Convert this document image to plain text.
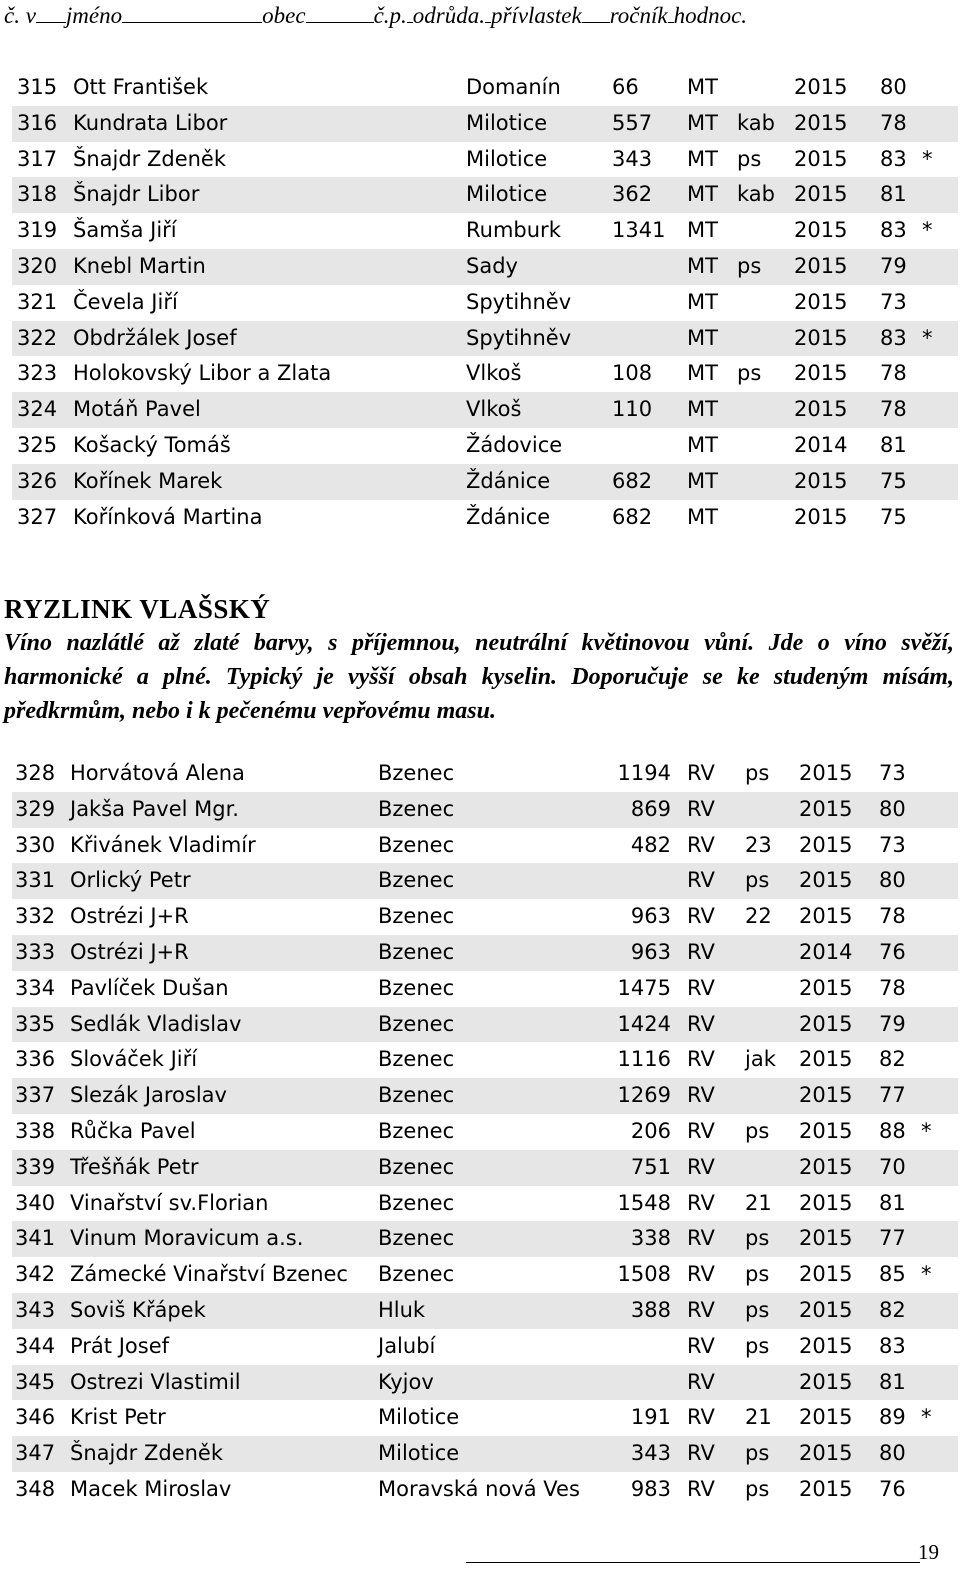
č. v jméno	obec	č.p. odrůda. přívlastek ročník hodnoc.
315 Ott František	Domanín 66 MT	2015 80
316 Kundrata Libor	Milotice	557 MT kab 2015 78
317 Šnajdr Zdeněk	Milotice	343 MT ps 2015 83 *
318 Šnajdr Libor	Milotice	362 MT kab 2015 81
319 Šamša Jiří	Rumburk 1341 MT	2015 83 *
320 Knebl Martin	Sady	MT ps 2015 79
321 Čevela Jiří	Spytihněv	MT	2015 73
322 Obdržálek Josef	Spytihněv	MT	2015 83 *
323 Holokovský Libor a Zlata	Vlkoš	108 MT ps 2015 78
324 Motáň Pavel	Vlkoš	110 MT	2015 78
325 Košacký Tomáš	Žádovice	MT	2014 81
326 Kořínek Marek	Ždánice	682 MT	2015 75
327 Kořínková Martina	Ždánice	682 MT	2015 75
RYZLINK VLAŠSKÝ
Víno nazlátlé až zlaté barvy, s příjemnou, neutrální květinovou vůní. Jde o víno svěží, harmonické a plné. Typický je vyšší obsah kyselin. Doporučuje se ke studeným mísám, předkrmům, nebo i k pečenému vepřovému masu.
328 Horvátová Alena	Bzenec	1194 RV ps 2015 73
329 Jakša Pavel Mgr.	Bzenec	869 RV	2015 80
330 Křivánek Vladimír	Bzenec	482 RV 23 2015 73
331 Orlický Petr	Bzenec	RV ps 2015 80
332 Ostrézi J+R	Bzenec	963 RV 22 2015 78
333 Ostrézi J+R	Bzenec	963 RV	2014 76
334 Pavlíček Dušan	Bzenec	1475 RV	2015 78
335 Sedlák Vladislav	Bzenec	1424 RV	2015 79
336 Slováček Jiří	Bzenec	1116 RV jak 2015 82
337 Slezák Jaroslav	Bzenec	1269 RV	2015 77
338 Růčka Pavel	Bzenec	206 RV ps 2015 88 *
339 Třešňák Petr	Bzenec	751 RV	2015 70
340 Vinařství sv.Florian	Bzenec	1548 RV 21 2015 81
341 Vinum Moravicum a.s.	Bzenec	338 RV ps 2015 77
342 Zámecké Vinařství Bzenec Bzenec	1508 RV ps 2015 85 *
343 Soviš Křápek	Hluk	388 RV ps 2015 82
344 Prát Josef	Jalubí	RV ps 2015 83
345 Ostrezi Vlastimil	Kyjov	RV	2015 81
346 Krist Petr	Milotice	191 RV 21 2015 89 *
347 Šnajdr Zdeněk	Milotice	343 RV ps 2015 80
348 Macek Miroslav	Moravská nová Ves 983 RV ps 2015 76
19
